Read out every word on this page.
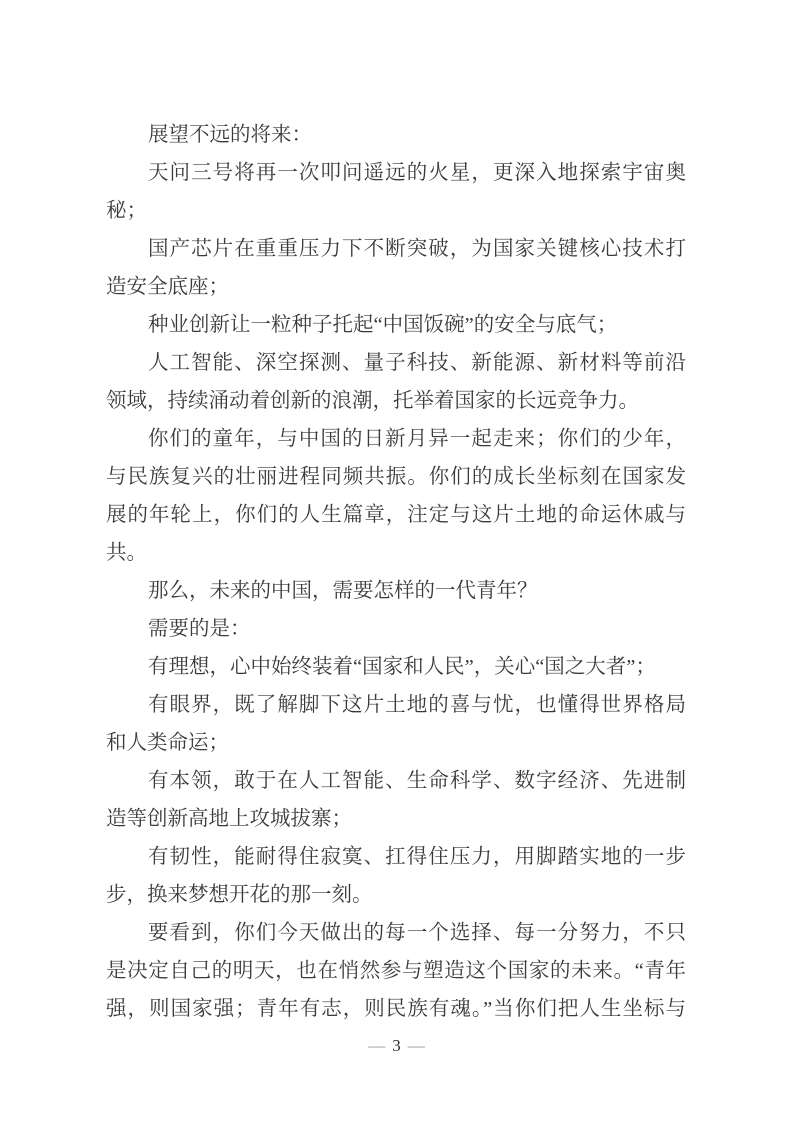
展望不远的将来：
天问三号将再一次叩问遥远的火星，更深入地探索宇宙奥
秘；
国产芯片在重重压力下不断突破，为国家关键核心技术打
造安全底座；
种业创新让一粒种子托起“中国饭碗”的安全与底气；
人工智能、深空探测、量子科技、新能源、新材料等前沿
领域，持续涌动着创新的浪潮，托举着国家的长远竞争力。
你们的童年，与中国的日新月异一起走来；你们的少年，
与民族复兴的壮丽进程同频共振。你们的成长坐标刻在国家发
展的年轮上，你们的人生篇章，注定与这片土地的命运休戚与
共。
那么，未来的中国，需要怎样的一代青年？
需要的是：
有理想，心中始终装着“国家和人民”，关心“国之大者”；
有眼界，既了解脚下这片土地的喜与忧，也懂得世界格局
和人类命运；
有本领，敢于在人工智能、生命科学、数字经济、先进制
造等创新高地上攻城拔寨；
有韧性，能耐得住寂寞、扛得住压力，用脚踏实地的一步
步，换来梦想开花的那一刻。
要看到，你们今天做出的每一个选择、每一分努力，不只
是决定自己的明天，也在悄然参与塑造这个国家的未来。“青年
强，则国家强；青年有志，则民族有魂。”当你们把人生坐标与
— 3 —
